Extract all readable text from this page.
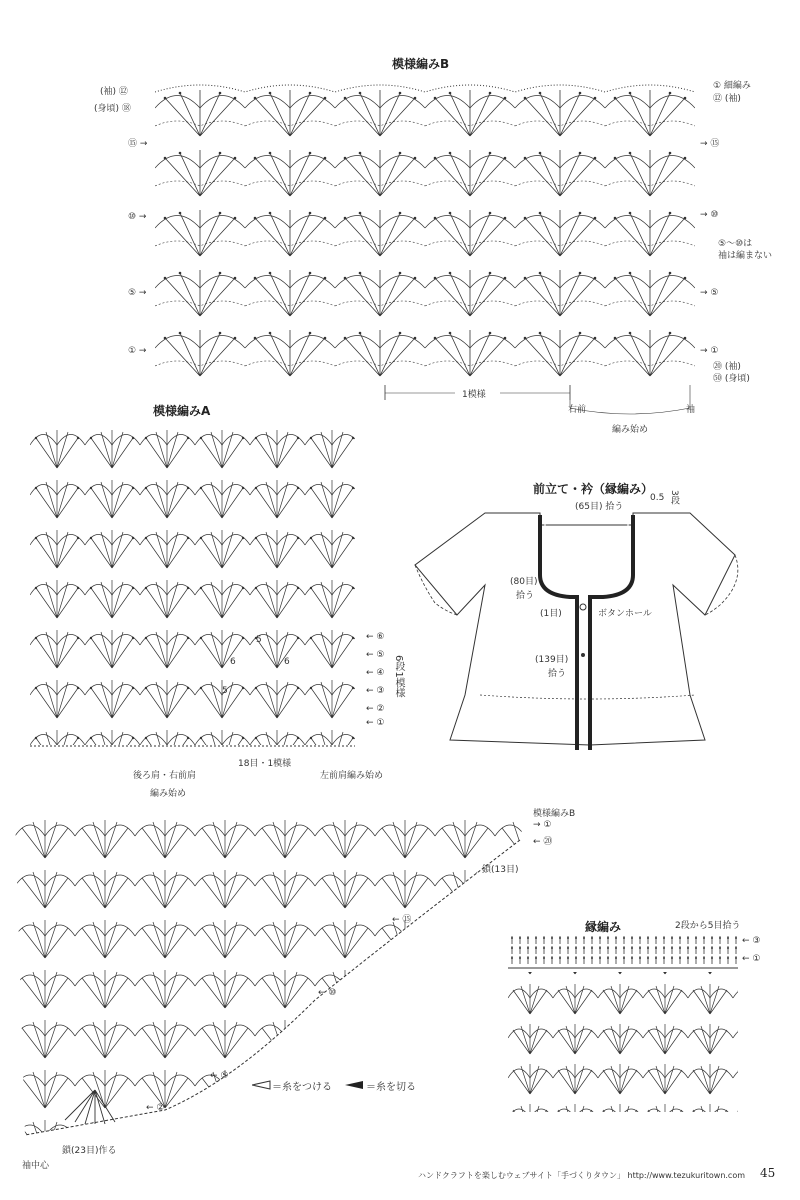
模様編みB
(袖) ⑫
(身頃) ⑱
⑮ →
⑩ →
⑤ →
① →
① 細編み
⑫ (袖)
→ ⑮
→ ⑩
→ ⑤
→ ①
⑳ (袖)
㊿ (身頃)
⑤～⑩は
袖は編まない
1模様
右前	袖
編み始め
模様編みA
5
6	6
5
← ⑥
← ⑤
← ④
← ③
← ②
← ①
6段1模様
18目・1模様
後ろ肩・右前肩	左前肩編み始め
編み始め
前立て・衿（縁編み）
(65目) 拾う
0.5 3段
(80目)
拾う
(1目)	ボタンホール
(139目)
拾う
模様編みB
→ ①
← ⑳
鎖(13目)
← ⑮
← ⑩
← ⑤
← ②
鎖(23目)作る
袖中心
縁編み	2段から5目拾う
← ③
← ①
＝糸をつける	＝糸を切る
ハンドクラフトを楽しむウェブサイト「手づくりタウン」 http://www.tezukuritown.com 45
